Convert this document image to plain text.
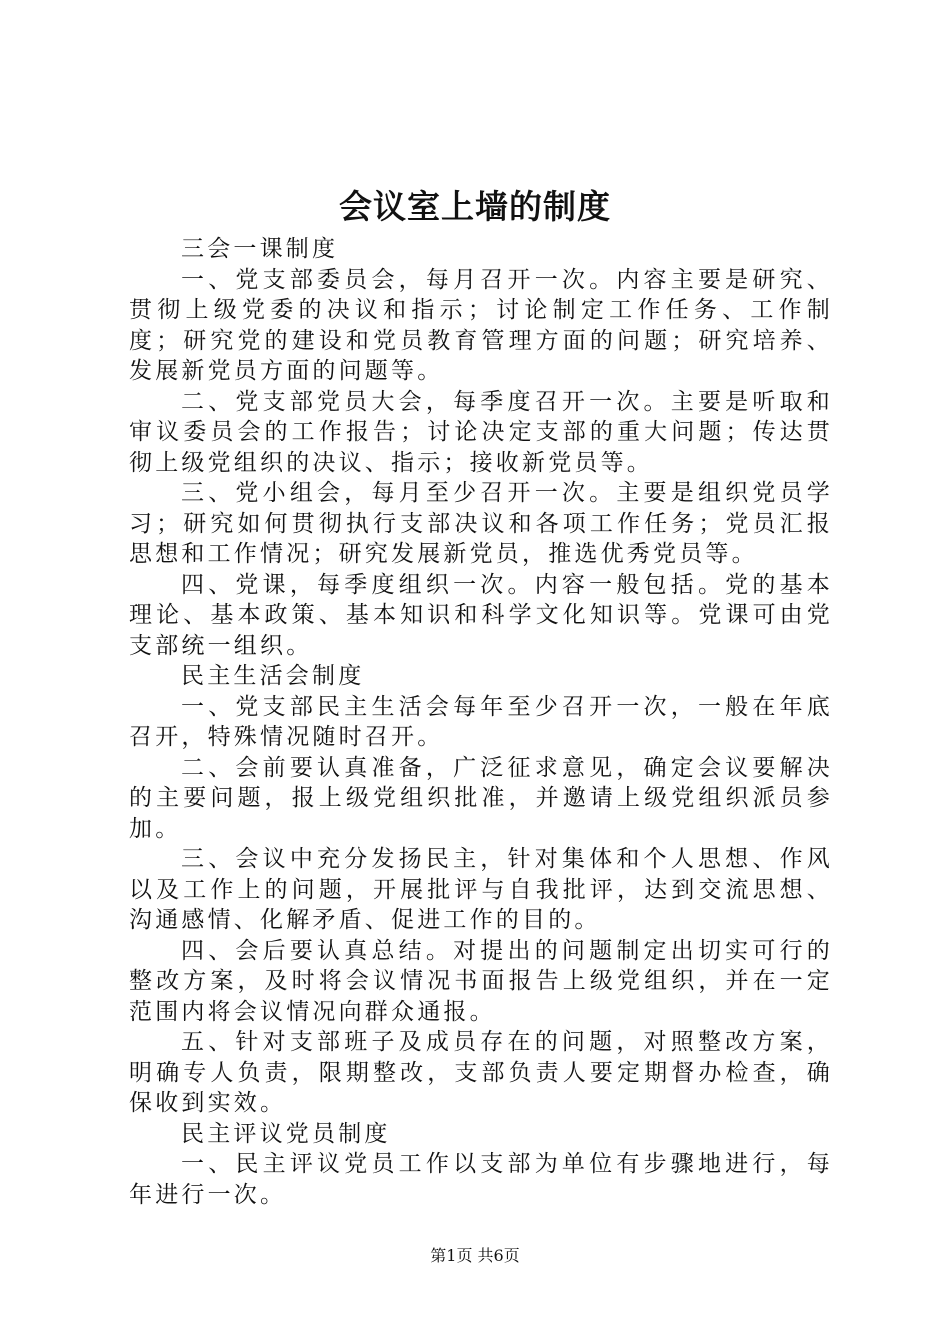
会议室上墙的制度

三会一课制度

一、党支部委员会，每月召开一次。内容主要是研究、贯彻上级党委的决议和指示；讨论制定工作任务、工作制度；研究党的建设和党员教育管理方面的问题；研究培养、发展新党员方面的问题等。

二、党支部党员大会，每季度召开一次。主要是听取和审议委员会的工作报告；讨论决定支部的重大问题；传达贯彻上级党组织的决议、指示；接收新党员等。

三、党小组会，每月至少召开一次。主要是组织党员学习；研究如何贯彻执行支部决议和各项工作任务；党员汇报思想和工作情况；研究发展新党员，推选优秀党员等。

四、党课，每季度组织一次。内容一般包括。党的基本理论、基本政策、基本知识和科学文化知识等。党课可由党支部统一组织。

民主生活会制度

一、党支部民主生活会每年至少召开一次，一般在年底召开，特殊情况随时召开。

二、会前要认真准备，广泛征求意见，确定会议要解决的主要问题，报上级党组织批准，并邀请上级党组织派员参加。

三、会议中充分发扬民主，针对集体和个人思想、作风以及工作上的问题，开展批评与自我批评，达到交流思想、沟通感情、化解矛盾、促进工作的目的。

四、会后要认真总结。对提出的问题制定出切实可行的整改方案，及时将会议情况书面报告上级党组织，并在一定范围内将会议情况向群众通报。

五、针对支部班子及成员存在的问题，对照整改方案，明确专人负责，限期整改，支部负责人要定期督办检查，确保收到实效。

民主评议党员制度

一、民主评议党员工作以支部为单位有步骤地进行，每年进行一次。

第1页 共6页
